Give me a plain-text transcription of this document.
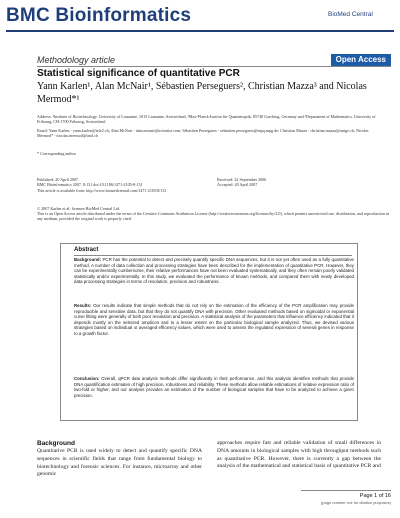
BMC Bioinformatics	BioMed Central
Methodology article	Open Access
Statistical significance of quantitative PCR
Yann Karlen¹, Alan McNair¹, Sébastien Perseguers², Christian Mazza³ and Nicolas Mermod*¹
Address: ¹Institute of Biotechnology, University of Lausanne, 1015 Lausanne, Switzerland, ²Max-Planck-Institut für Quantenoptik, 85748 Garching, Germany and ³Department of Mathematics, University of Fribourg, CH-1700 Fribourg, Switzerland
Email: Yann Karlen - yann.karlen@tele2.ch; Alan McNair - alan.mcnair@scientist.com; Sébastien Perseguers - sebastien.perseguers@mpq.mpg.de; Christian Mazza - christian.mazza@unige.ch; Nicolas Mermod* - nicolas.mermod@unil.ch
* Corresponding author
Published: 20 April 2007
BMC Bioinformatics 2007, 8:131 doi:10.1186/1471-2105-8-131
Received: 22 September 2006
Accepted: 20 April 2007
This article is available from: http://www.biomedcentral.com/1471-2105/8/131
© 2007 Karlen et al; licensee BioMed Central Ltd.
This is an Open Access article distributed under the terms of the Creative Commons Attribution License (http://creativecommons.org/licenses/by/2.0), which permits unrestricted use, distribution, and reproduction in any medium, provided the original work is properly cited.
Abstract
Background: PCR has the potential to detect and precisely quantify specific DNA sequences, but it is not yet often used as a fully quantitative method. A number of data collection and processing strategies have been described for the implementation of quantitative PCR. However, they can be experimentally cumbersome, their relative performances have not been evaluated systematically, and they often remain poorly validated statistically and/or experimentally. In this study, we evaluated the performance of known methods, and compared them with newly developed data processing strategies in terms of resolution, precision and robustness.
Results: Our results indicate that simple methods that do not rely on the estimation of the efficiency of the PCR amplification may provide reproducible and sensitive data, but that they do not quantify DNA with precision. Other evaluated methods based on sigmoidal or exponential curve fitting were generally of both poor resolution and precision. A statistical analysis of the parameters that influence efficiency indicated that it depends mostly on the selected amplicon and to a lesser extent on the particular biological sample analyzed. Thus, we devised various strategies based on individual or averaged efficiency values, which were used to assess the regulated expression of several genes in response to a growth factor.
Conclusion: Overall, qPCR data analysis methods differ significantly in their performance, and this analysis identifies methods that provide DNA quantification estimates of high precision, robustness and reliability. These methods allow reliable estimations of relative expression ratio of two-fold or higher, and our analysis provides an estimation of the number of biological samples that have to be analyzed to achieve a given precision.
Background
Quantitative PCR is used widely to detect and quantify specific DNA sequences in scientific fields that range from fundamental biology to biotechnology and forensic sciences. For instance, microarray and other genomic
approaches require fast and reliable validation of small differences in DNA amounts in biological samples with high throughput methods such as quantitative PCR. However, there is currently a gap between the analysis of the mathematical and statistical basis of quantitative PCR and
Page 1 of 16
(page number not for citation purposes)
